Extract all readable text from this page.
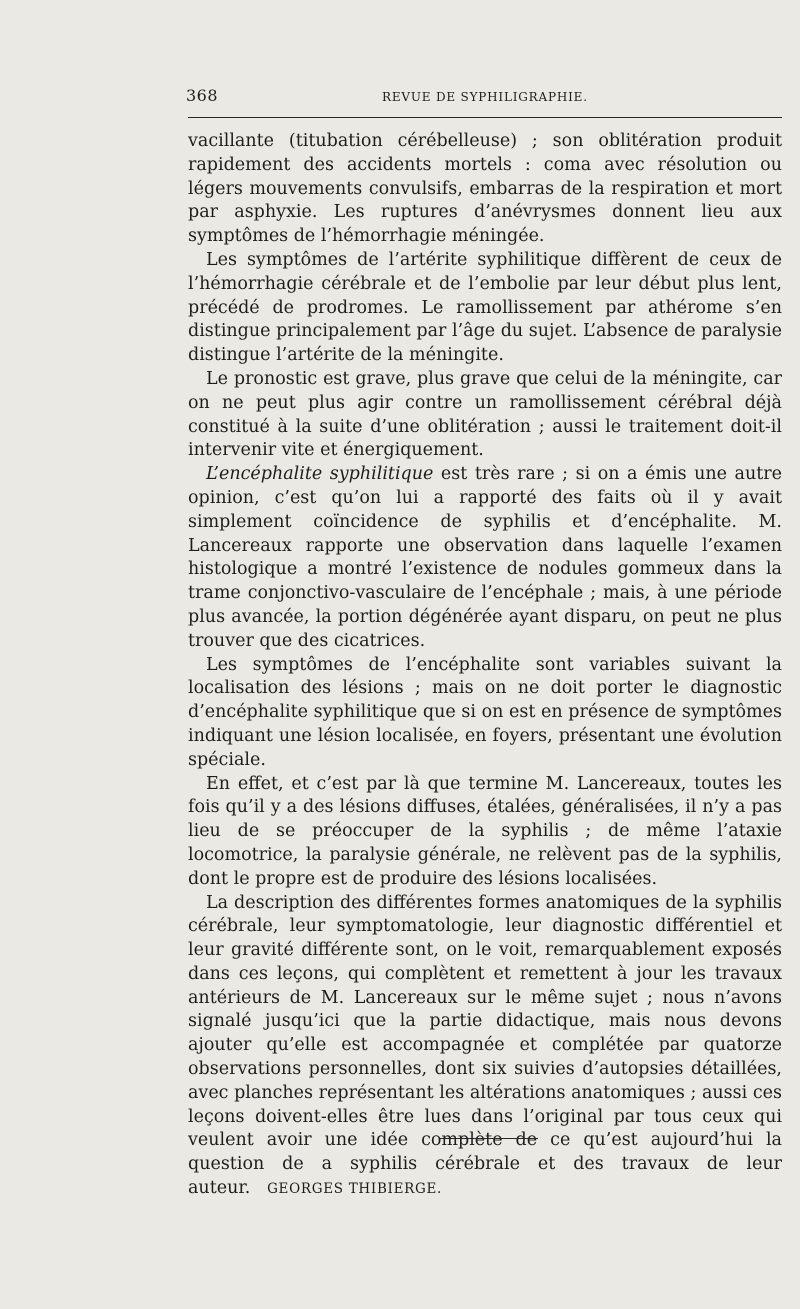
368	REVUE DE SYPHILIGRAPHIE.

vacillante (titubation cérébelleuse) ; son oblitération produit rapidement des accidents mortels : coma avec résolution ou légers mouvements convulsifs, embarras de la respiration et mort par asphyxie. Les ruptures d’anévrysmes donnent lieu aux symptômes de l’hémorrhagie méningée.

Les symptômes de l’artérite syphilitique diffèrent de ceux de l’hémorrhagie cérébrale et de l’embolie par leur début plus lent, précédé de prodromes. Le ramollissement par athérome s’en distingue principalement par l’âge du sujet. L’absence de paralysie distingue l’artérite de la méningite.

Le pronostic est grave, plus grave que celui de la méningite, car on ne peut plus agir contre un ramollissement cérébral déjà constitué à la suite d’une oblitération ; aussi le traitement doit-il intervenir vite et énergiquement.

L’encéphalite syphilitique est très rare ; si on a émis une autre opinion, c’est qu’on lui a rapporté des faits où il y avait simplement coïncidence de syphilis et d’encéphalite. M. Lancereaux rapporte une observation dans laquelle l’examen histologique a montré l’existence de nodules gommeux dans la trame conjonctivo-vasculaire de l’encéphale ; mais, à une période plus avancée, la portion dégénérée ayant disparu, on peut ne plus trouver que des cicatrices.

Les symptômes de l’encéphalite sont variables suivant la localisation des lésions ; mais on ne doit porter le diagnostic d’encéphalite syphilitique que si on est en présence de symptômes indiquant une lésion localisée, en foyers, présentant une évolution spéciale.

En effet, et c’est par là que termine M. Lancereaux, toutes les fois qu’il y a des lésions diffuses, étalées, généralisées, il n’y a pas lieu de se préoccuper de la syphilis ; de même l’ataxie locomotrice, la paralysie générale, ne relèvent pas de la syphilis, dont le propre est de produire des lésions localisées.

La description des différentes formes anatomiques de la syphilis cérébrale, leur symptomatologie, leur diagnostic différentiel et leur gravité différente sont, on le voit, remarquablement exposés dans ces leçons, qui complètent et remettent à jour les travaux antérieurs de M. Lancereaux sur le même sujet ; nous n’avons signalé jusqu’ici que la partie didactique, mais nous devons ajouter qu’elle est accompagnée et complétée par quatorze observations personnelles, dont six suivies d’autopsies détaillées, avec planches représentant les altérations anatomiques ; aussi ces leçons doivent-elles être lues dans l’original par tous ceux qui veulent avoir une idée complète de ce qu’est aujourd’hui la question de a syphilis cérébrale et des travaux de leur auteur. GEORGES THIBIERGE.
